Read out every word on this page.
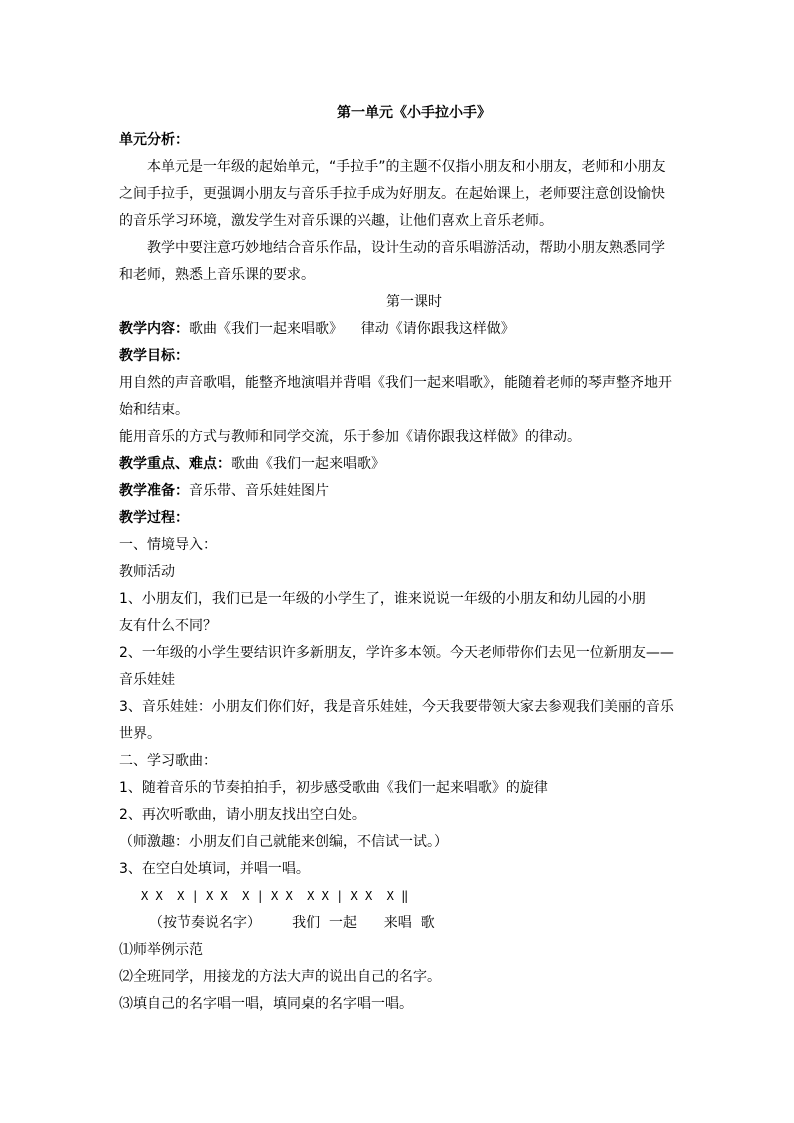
第一单元《小手拉小手》
单元分析：
本单元是一年级的起始单元，“手拉手”的主题不仅指小朋友和小朋友，老师和小朋友之间手拉手，更强调小朋友与音乐手拉手成为好朋友。在起始课上，老师要注意创设愉快的音乐学习环境，激发学生对音乐课的兴趣，让他们喜欢上音乐老师。
教学中要注意巧妙地结合音乐作品，设计生动的音乐唱游活动，帮助小朋友熟悉同学和老师，熟悉上音乐课的要求。
第一课时
教学内容：歌曲《我们一起来唱歌》    律动《请你跟我这样做》
教学目标：
用自然的声音歌唱，能整齐地演唱并背唱《我们一起来唱歌》，能随着老师的琴声整齐地开始和结束。
能用音乐的方式与教师和同学交流，乐于参加《请你跟我这样做》的律动。
教学重点、难点：歌曲《我们一起来唱歌》
教学准备：音乐带、音乐娃娃图片
教学过程：
一、情境导入：
教师活动
1、小朋友们，我们已是一年级的小学生了，谁来说说一年级的小朋友和幼儿园的小朋
友有什么不同？
2、一年级的小学生要结识许多新朋友，学许多本领。今天老师带你们去见一位新朋友——
音乐娃娃
3、音乐娃娃：小朋友们你们好，我是音乐娃娃，今天我要带领大家去参观我们美丽的音乐
世界。
二、学习歌曲：
1、随着音乐的节奏拍拍手，初步感受歌曲《我们一起来唱歌》的旋律
2、再次听歌曲，请小朋友找出空白处。
（师激趣：小朋友们自己就能来创编，不信试一试。）
3、在空白处填词，并唱一唱。
X X  X | X X  X | X X  X X | X X  X ‖
（按节奏说名字）       我们  一起      来唱  歌
⑴师举例示范
⑵全班同学，用接龙的方法大声的说出自己的名字。
⑶填自己的名字唱一唱，填同桌的名字唱一唱。
